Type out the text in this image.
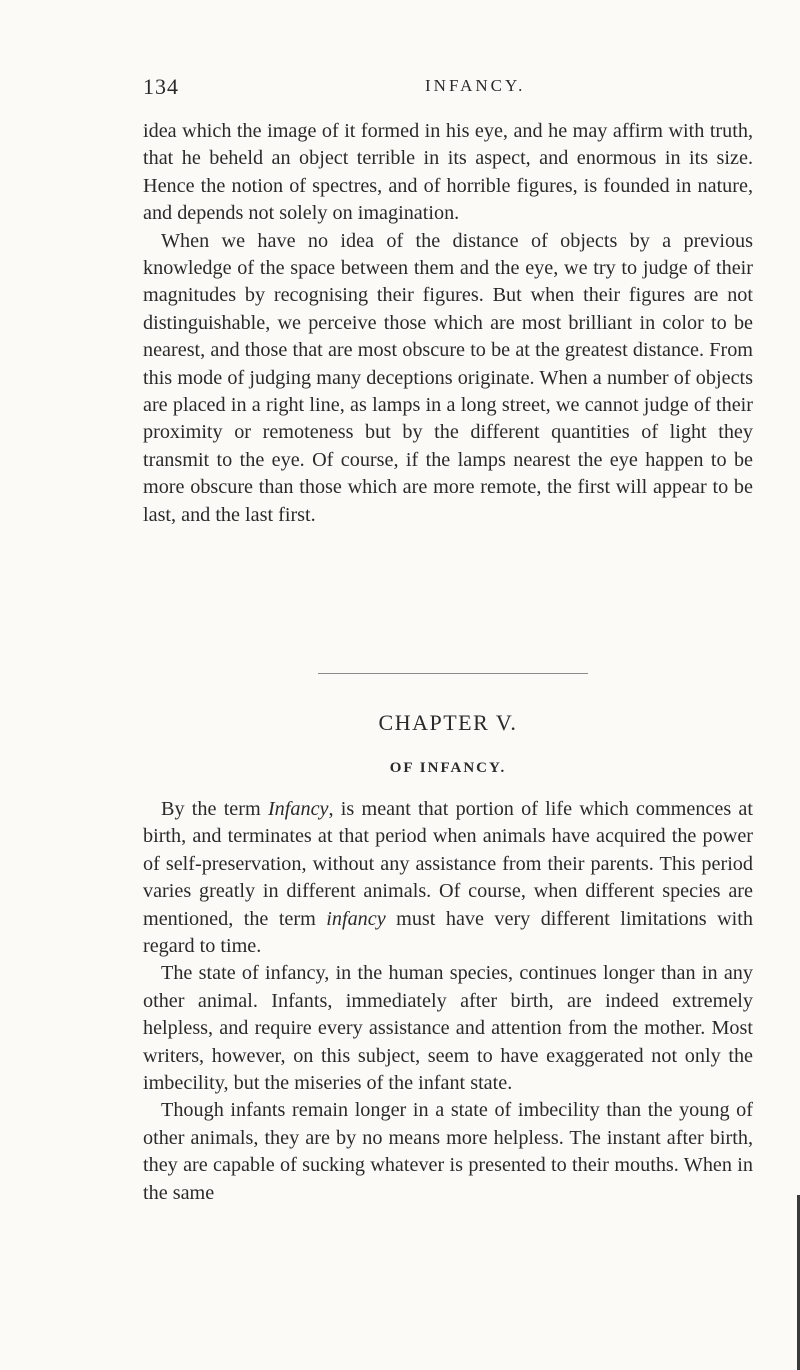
134	INFANCY.

idea which the image of it formed in his eye, and he may affirm with truth, that he beheld an object terrible in its aspect, and enormous in its size. Hence the notion of spectres, and of horrible figures, is founded in nature, and depends not solely on imagination.

When we have no idea of the distance of objects by a previous knowledge of the space between them and the eye, we try to judge of their magnitudes by recognising their figures. But when their figures are not distinguishable, we perceive those which are most brilliant in color to be nearest, and those that are most obscure to be at the greatest distance. From this mode of judging many deceptions originate. When a number of objects are placed in a right line, as lamps in a long street, we cannot judge of their proximity or remoteness but by the different quantities of light they transmit to the eye. Of course, if the lamps nearest the eye happen to be more obscure than those which are more remote, the first will appear to be last, and the last first.

CHAPTER V.
OF INFANCY.

By the term Infancy, is meant that portion of life which commences at birth, and terminates at that period when animals have acquired the power of self-preservation, without any assistance from their parents. This period varies greatly in different animals. Of course, when different species are mentioned, the term infancy must have very different limitations with regard to time.

The state of infancy, in the human species, continues longer than in any other animal. Infants, immediately after birth, are indeed extremely helpless, and require every assistance and attention from the mother. Most writers, however, on this subject, seem to have exaggerated not only the imbecility, but the miseries of the infant state.

Though infants remain longer in a state of imbecility than the young of other animals, they are by no means more helpless. The instant after birth, they are capable of sucking whatever is presented to their mouths. When in the same
